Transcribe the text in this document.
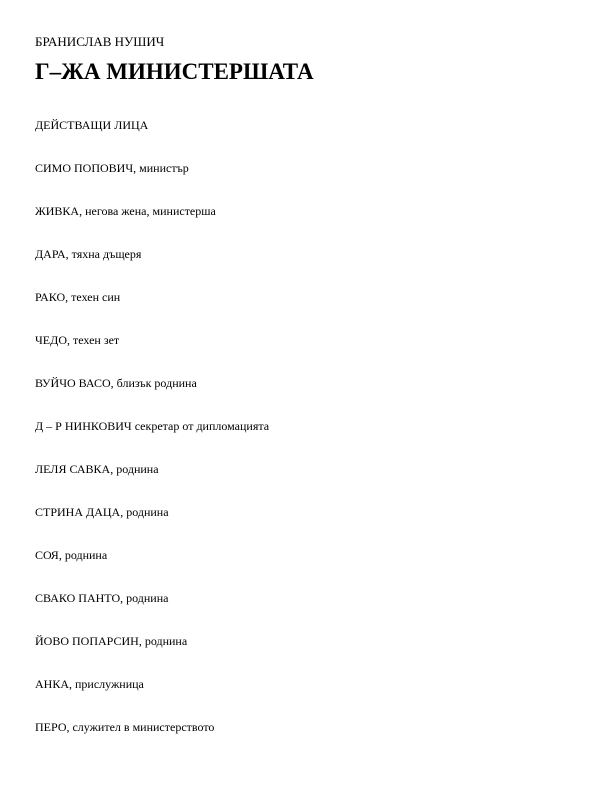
БРАНИСЛАВ НУШИЧ
Г–ЖА МИНИСТЕРШАТА
ДЕЙСТВАЩИ ЛИЦА
СИМО ПОПОВИЧ, министър
ЖИВКА, негова жена, министерша
ДАРА, тяхна дъщеря
РАКО, техен син
ЧЕДО, техен зет
ВУЙЧО ВАСО, близък роднина
Д – Р НИНКОВИЧ секретар от дипломацията
ЛЕЛЯ САВКА, роднина
СТРИНА ДАЦА, роднина
СОЯ, роднина
СВАКО ПАНТО, роднина
ЙОВО ПОПАРСИН, роднина
АНКА, прислужница
ПЕРО, служител в министерството
